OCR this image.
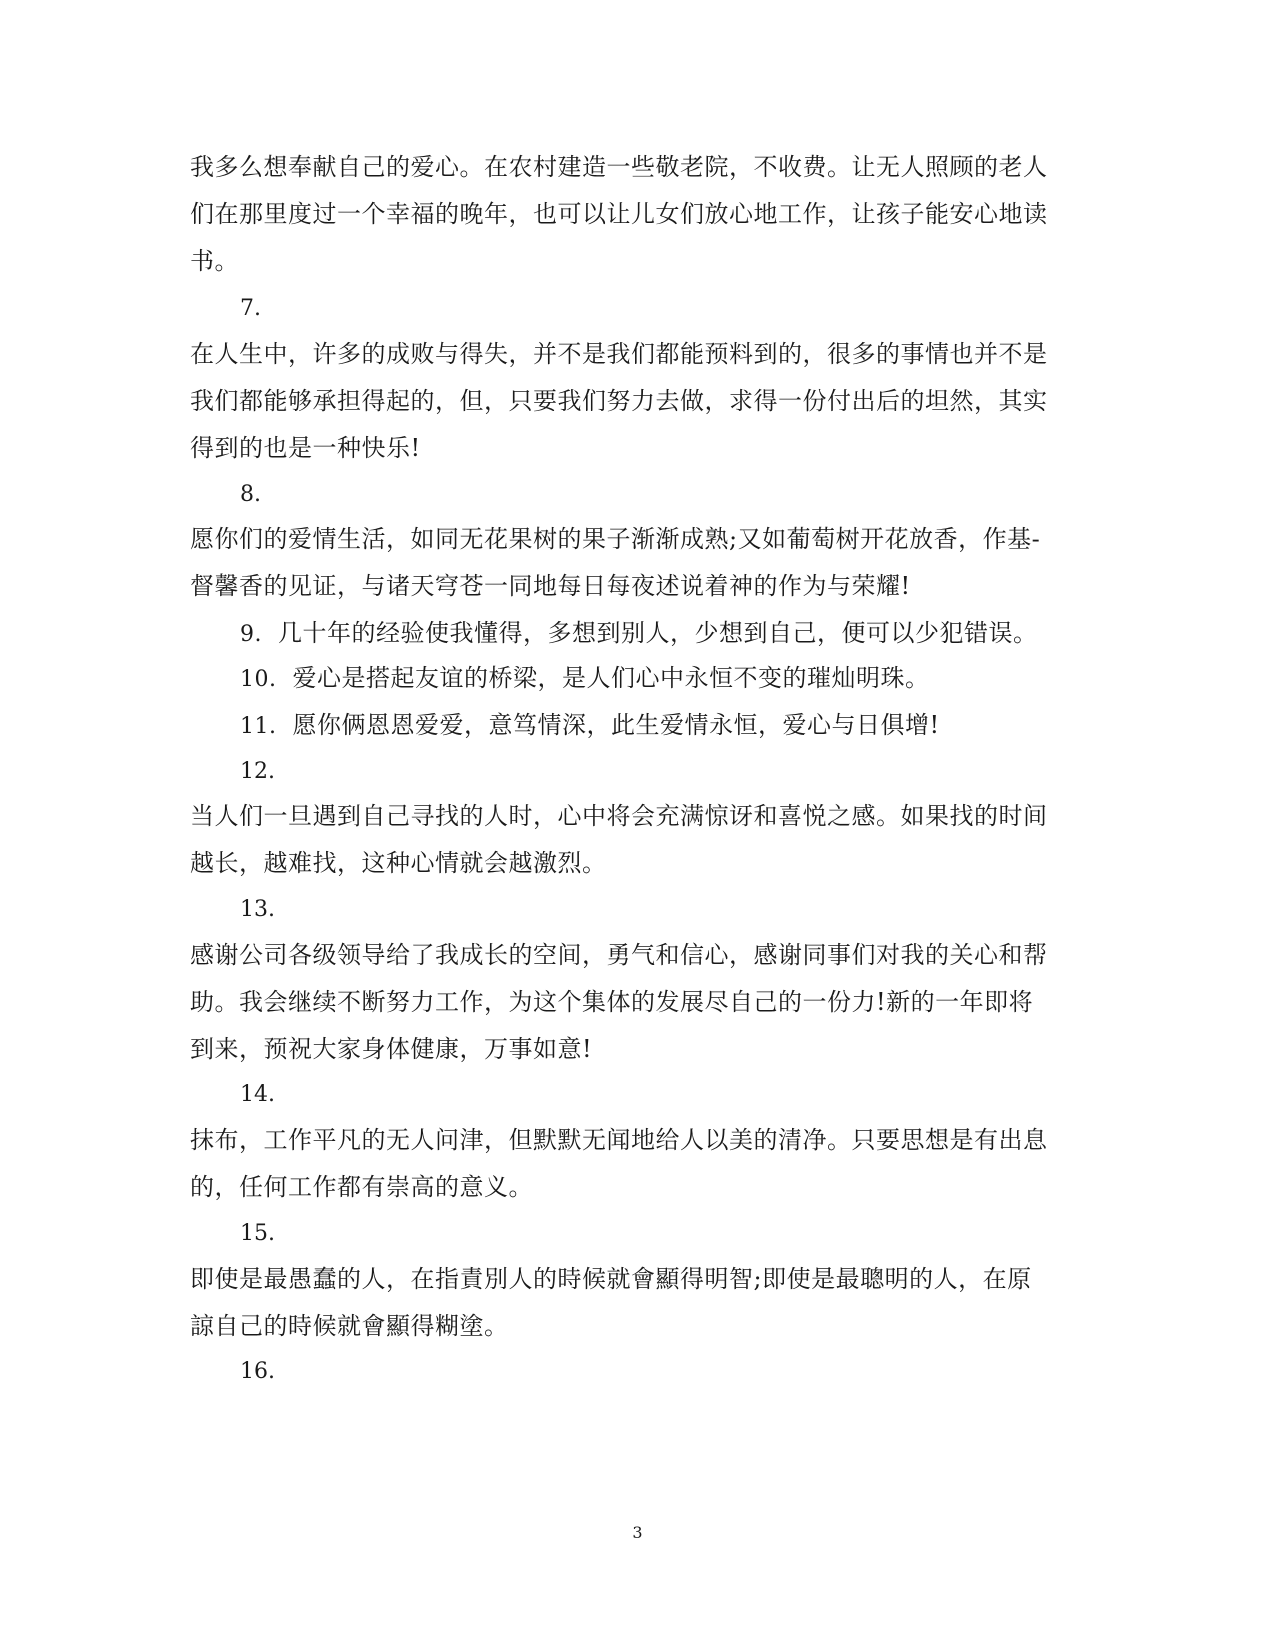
我多么想奉献自己的爱心。在农村建造一些敬老院，不收费。让无人照顾的老人
们在那里度过一个幸福的晚年，也可以让儿女们放心地工作，让孩子能安心地读
书。
7.
在人生中，许多的成败与得失，并不是我们都能预料到的，很多的事情也并不是
我们都能够承担得起的，但，只要我们努力去做，求得一份付出后的坦然，其实
得到的也是一种快乐!
8.
愿你们的爱情生活，如同无花果树的果子渐渐成熟;又如葡萄树开花放香，作基-
督馨香的见证，与诸天穹苍一同地每日每夜述说着神的作为与荣耀!
9. 几十年的经验使我懂得，多想到别人，少想到自己，便可以少犯错误。
10. 爱心是搭起友谊的桥梁，是人们心中永恒不变的璀灿明珠。
11. 愿你俩恩恩爱爱，意笃情深，此生爱情永恒，爱心与日俱增!
12.
当人们一旦遇到自己寻找的人时，心中将会充满惊讶和喜悦之感。如果找的时间
越长，越难找，这种心情就会越激烈。
13.
感谢公司各级领导给了我成长的空间，勇气和信心，感谢同事们对我的关心和帮
助。我会继续不断努力工作，为这个集体的发展尽自己的一份力!新的一年即将
到来，预祝大家身体健康，万事如意!
14.
抹布，工作平凡的无人问津，但默默无闻地给人以美的清净。只要思想是有出息
的，任何工作都有崇高的意义。
15.
即使是最愚蠢的人，在指責別人的時候就會顯得明智;即使是最聰明的人，在原
諒自己的時候就會顯得糊塗。
16.
3
